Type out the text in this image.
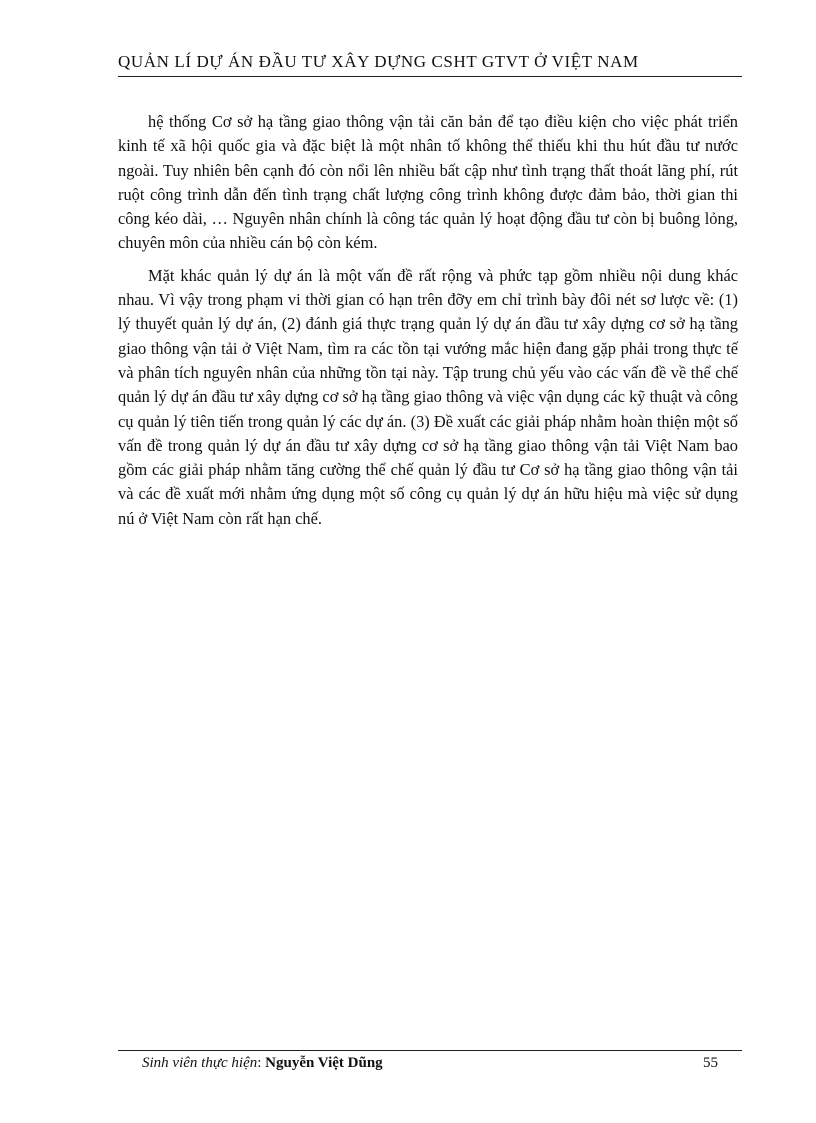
QUẢN LÍ DỰ ÁN ĐẦU TƯ XÂY DỰNG CSHT GTVT Ở VIỆT NAM

hệ thống Cơ sở hạ tầng giao thông vận tải căn bản để tạo điều kiện cho việc phát triển kinh tế xã hội quốc gia và đặc biệt là một nhân tố không thể thiếu khi thu hút đầu tư nước ngoài. Tuy nhiên bên cạnh đó còn nổi lên nhiều bất cập như tình trạng thất thoát lãng phí, rút ruột công trình dẫn đến tình trạng chất lượng công trình không được đảm bảo, thời gian thi công kéo dài, … Nguyên nhân chính là công tác quản lý hoạt động đầu tư còn bị buông lỏng, chuyên môn của nhiều cán bộ còn kém.

Mặt khác quản lý dự án là một vấn đề rất rộng và phức tạp gồm nhiều nội dung khác nhau. Vì vậy trong phạm vi thời gian có hạn trên đỡy em chỉ trình bày đôi nét sơ lược về: (1) lý thuyết quản lý dự án, (2) đánh giá thực trạng quản lý dự án đầu tư xây dựng cơ sở hạ tầng giao thông vận tải ở Việt Nam, tìm ra các tồn tại vướng mắc hiện đang gặp phải trong thực tế và phân tích nguyên nhân của những tồn tại này. Tập trung chủ yếu vào các vấn đề về thể chế quản lý dự án đầu tư xây dựng cơ sở hạ tầng giao thông và việc vận dụng các kỹ thuật và công cụ quản lý tiên tiến trong quản lý các dự án. (3) Đề xuất các giải pháp nhằm hoàn thiện một số vấn đề trong quản lý dự án đầu tư xây dựng cơ sở hạ tầng giao thông vận tải Việt Nam bao gồm các giải pháp nhằm tăng cường thể chế quản lý đầu tư Cơ sở hạ tầng giao thông vận tải và các đề xuất mới nhằm ứng dụng một số công cụ quản lý dự án hữu hiệu mà việc sử dụng nú ở Việt Nam còn rất hạn chế.

Sinh viên thực hiện: Nguyễn Việt Dũng	55
